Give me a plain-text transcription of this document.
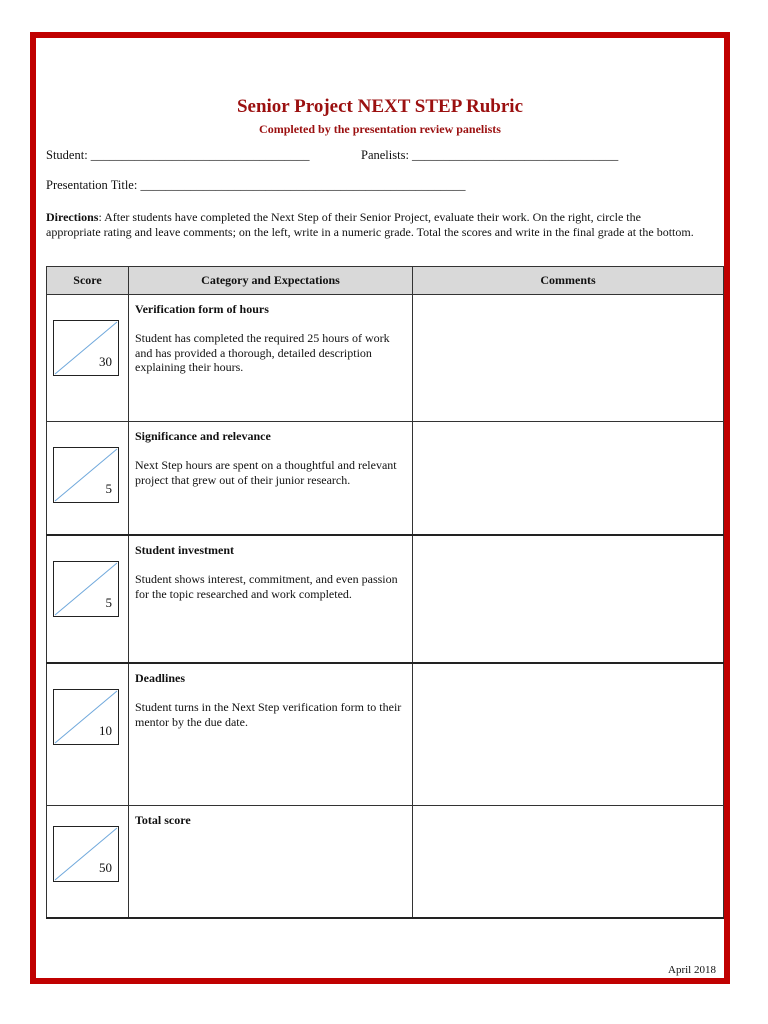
Senior Project NEXT STEP Rubric
Completed by the presentation review panelists
Student: ___________________________________	Panelists: _________________________________
Presentation Title: ____________________________________________________
Directions: After students have completed the Next Step of their Senior Project, evaluate their work. On the right, circle the appropriate rating and leave comments; on the left, write in a numeric grade. Total the scores and write in the final grade at the bottom.
Score	Category and Expectations	Comments

30	Verification form of hours
Student has completed the required 25 hours of work and has provided a thorough, detailed description explaining their hours.	

5	Significance and relevance
Next Step hours are spent on a thoughtful and relevant project that grew out of their junior research.	

5	Student investment
Student shows interest, commitment, and even passion for the topic researched and work completed.	

10	Deadlines
Student turns in the Next Step verification form to their mentor by the due date.	

50	Total score	

April 2018
